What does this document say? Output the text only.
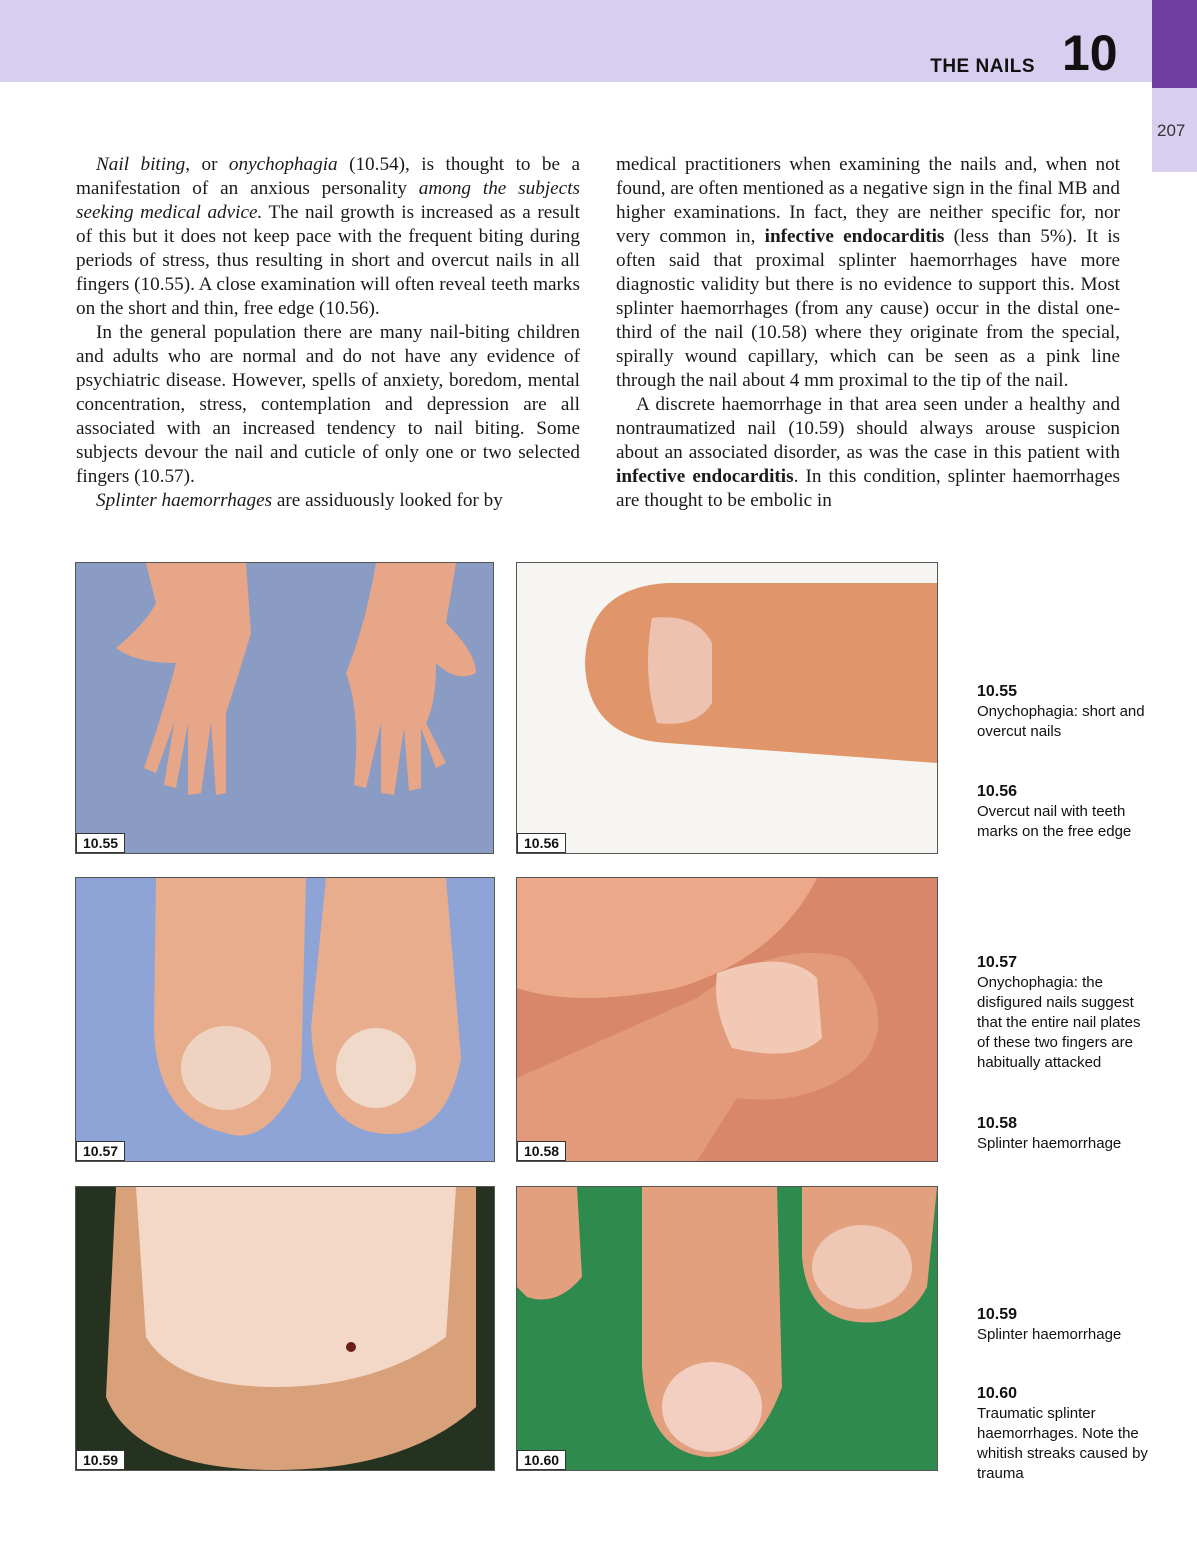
THE NAILS 10
207

Nail biting, or onychophagia (10.54), is thought to be a manifestation of an anxious personality among the subjects seeking medical advice. The nail growth is increased as a result of this but it does not keep pace with the frequent biting during periods of stress, thus resulting in short and overcut nails in all fingers (10.55). A close examination will often reveal teeth marks on the short and thin, free edge (10.56).

In the general population there are many nail-biting children and adults who are normal and do not have any evidence of psychiatric disease. However, spells of anxiety, boredom, mental concentration, stress, contemplation and depression are all associated with an increased tendency to nail biting. Some subjects devour the nail and cuticle of only one or two selected fingers (10.57).

Splinter haemorrhages are assiduously looked for by

medical practitioners when examining the nails and, when not found, are often mentioned as a negative sign in the final MB and higher examinations. In fact, they are neither specific for, nor very common in, infective endocarditis (less than 5%). It is often said that proximal splinter haemorrhages have more diagnostic validity but there is no evidence to support this. Most splinter haemorrhages (from any cause) occur in the distal one-third of the nail (10.58) where they originate from the special, spirally wound capillary, which can be seen as a pink line through the nail about 4 mm proximal to the tip of the nail.

A discrete haemorrhage in that area seen under a healthy and nontraumatized nail (10.59) should always arouse suspicion about an associated disorder, as was the case in this patient with infective endocarditis. In this condition, splinter haemorrhages are thought to be embolic in

10.55	10.56
10.57	10.58
10.59	10.60
10.55
Onychophagia: short and overcut nails
10.56
Overcut nail with teeth marks on the free edge
10.57
Onychophagia: the disfigured nails suggest that the entire nail plates of these two fingers are habitually attacked
10.58
Splinter haemorrhage
10.59
Splinter haemorrhage
10.60
Traumatic splinter haemorrhages. Note the whitish streaks caused by trauma
